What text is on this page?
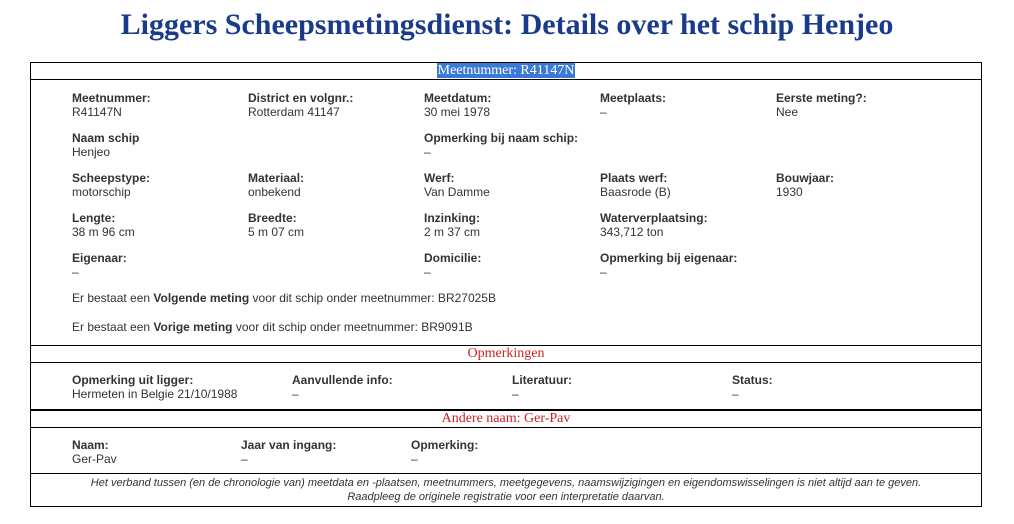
Liggers Scheepsmetingsdienst: Details over het schip Henjeo
Meetnummer: R41147N
Meetnummer:
R41147N
District en volgnr.:
Rotterdam 41147
Meetdatum:
30 mei 1978
Meetplaats:
–
Eerste meting?:
Nee
Naam schip
Henjeo
Opmerking bij naam schip:
–
Scheepstype:
motorschip
Materiaal:
onbekend
Werf:
Van Damme
Plaats werf:
Baasrode (B)
Bouwjaar:
1930
Lengte:
38 m 96 cm
Breedte:
5 m 07 cm
Inzinking:
2 m 37 cm
Waterverplaatsing:
343,712 ton
Eigenaar:
–
Domicilie:
–
Opmerking bij eigenaar:
–
Er bestaat een Volgende meting voor dit schip onder meetnummer: BR27025B
Er bestaat een Vorige meting voor dit schip onder meetnummer: BR9091B
Opmerkingen
Opmerking uit ligger:
Hermeten in Belgie 21/10/1988
Aanvullende info:
–
Literatuur:
–
Status:
–
Andere naam: Ger-Pav
Naam:
Ger-Pav
Jaar van ingang:
–
Opmerking:
–
Het verband tussen (en de chronologie van) meetdata en -plaatsen, meetnummers, meetgegevens, naamswijzigingen en eigendomswisselingen is niet altijd aan te geven.
Raadpleeg de originele registratie voor een interpretatie daarvan.
